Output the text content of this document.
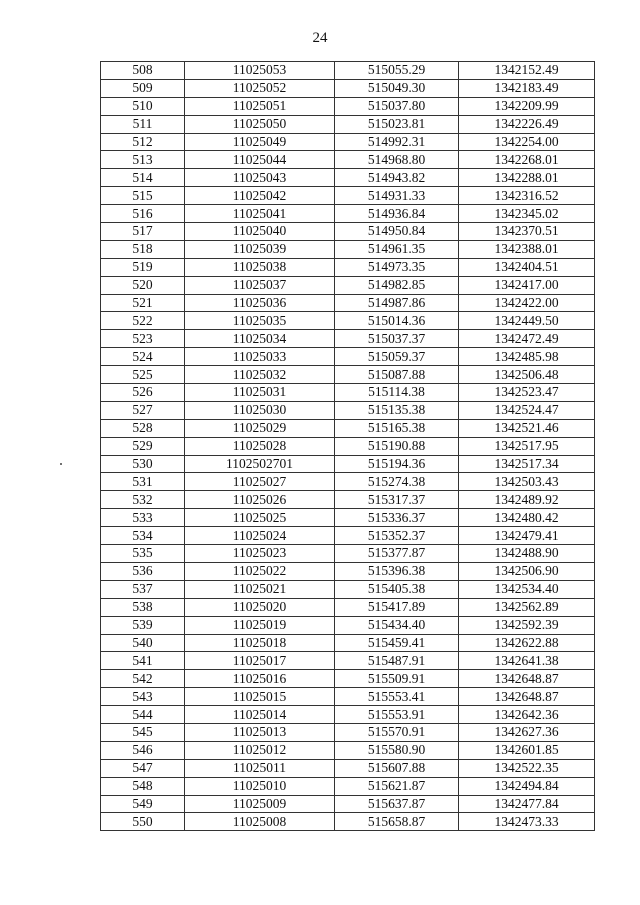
24
508	11025053	515055.29	1342152.49
509	11025052	515049.30	1342183.49
510	11025051	515037.80	1342209.99
511	11025050	515023.81	1342226.49
512	11025049	514992.31	1342254.00
513	11025044	514968.80	1342268.01
514	11025043	514943.82	1342288.01
515	11025042	514931.33	1342316.52
516	11025041	514936.84	1342345.02
517	11025040	514950.84	1342370.51
518	11025039	514961.35	1342388.01
519	11025038	514973.35	1342404.51
520	11025037	514982.85	1342417.00
521	11025036	514987.86	1342422.00
522	11025035	515014.36	1342449.50
523	11025034	515037.37	1342472.49
524	11025033	515059.37	1342485.98
525	11025032	515087.88	1342506.48
526	11025031	515114.38	1342523.47
527	11025030	515135.38	1342524.47
528	11025029	515165.38	1342521.46
529	11025028	515190.88	1342517.95
530	1102502701	515194.36	1342517.34
531	11025027	515274.38	1342503.43
532	11025026	515317.37	1342489.92
533	11025025	515336.37	1342480.42
534	11025024	515352.37	1342479.41
535	11025023	515377.87	1342488.90
536	11025022	515396.38	1342506.90
537	11025021	515405.38	1342534.40
538	11025020	515417.89	1342562.89
539	11025019	515434.40	1342592.39
540	11025018	515459.41	1342622.88
541	11025017	515487.91	1342641.38
542	11025016	515509.91	1342648.87
543	11025015	515553.41	1342648.87
544	11025014	515553.91	1342642.36
545	11025013	515570.91	1342627.36
546	11025012	515580.90	1342601.85
547	11025011	515607.88	1342522.35
548	11025010	515621.87	1342494.84
549	11025009	515637.87	1342477.84
550	11025008	515658.87	1342473.33
